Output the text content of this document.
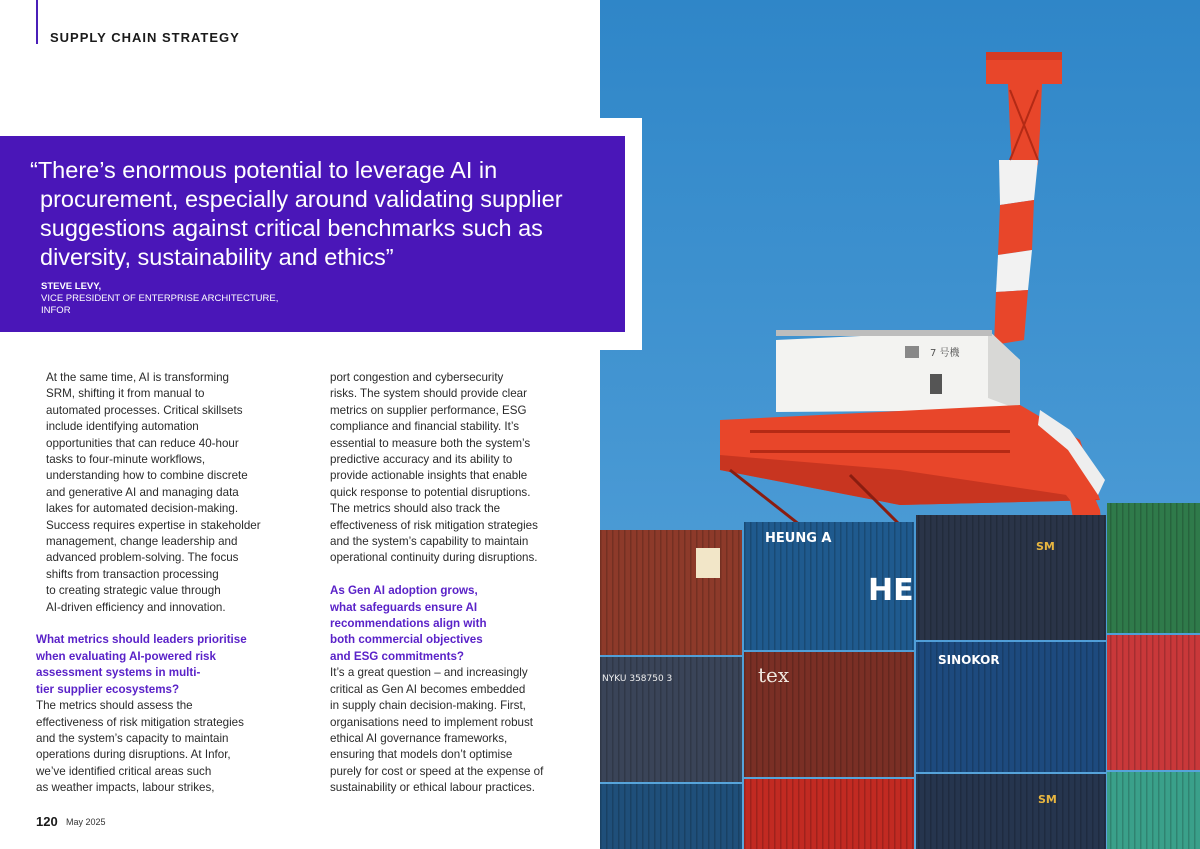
SUPPLY CHAIN STRATEGY
7 号機
NYKU 358750 3
HEUNG A
HE
tex
SM
SINOKOR
SM
“There’s enormous potential to leverage AI in procurement, especially around validating supplier suggestions against critical benchmarks such as diversity, sustainability and ethics”
STEVE LEVY,
VICE PRESIDENT OF ENTERPRISE ARCHITECTURE,
INFOR

At the same time, AI is transforming
SRM, shifting it from manual to
automated processes. Critical skillsets
include identifying automation
opportunities that can reduce 40-hour
tasks to four-minute workflows,
understanding how to combine discrete
and generative AI and managing data
lakes for automated decision-making.
Success requires expertise in stakeholder
management, change leadership and
advanced problem-solving. The focus
shifts from transaction processing
to creating strategic value through
AI-driven efficiency and innovation.

What metrics should leaders prioritise
when evaluating AI-powered risk
assessment systems in multi-
tier supplier ecosystems?

The metrics should assess the
effectiveness of risk mitigation strategies
and the system’s capacity to maintain
operations during disruptions. At Infor,
we’ve identified critical areas such
as weather impacts, labour strikes,

port congestion and cybersecurity
risks. The system should provide clear
metrics on supplier performance, ESG
compliance and financial stability. It’s
essential to measure both the system’s
predictive accuracy and its ability to
provide actionable insights that enable
quick response to potential disruptions.
The metrics should also track the
effectiveness of risk mitigation strategies
and the system’s capability to maintain
operational continuity during disruptions.

As Gen AI adoption grows,
what safeguards ensure AI
recommendations align with
both commercial objectives
and ESG commitments?

It’s a great question – and increasingly
critical as Gen AI becomes embedded
in supply chain decision-making. First,
organisations need to implement robust
ethical AI governance frameworks,
ensuring that models don’t optimise
purely for cost or speed at the expense of
sustainability or ethical labour practices.

120 May 2025
